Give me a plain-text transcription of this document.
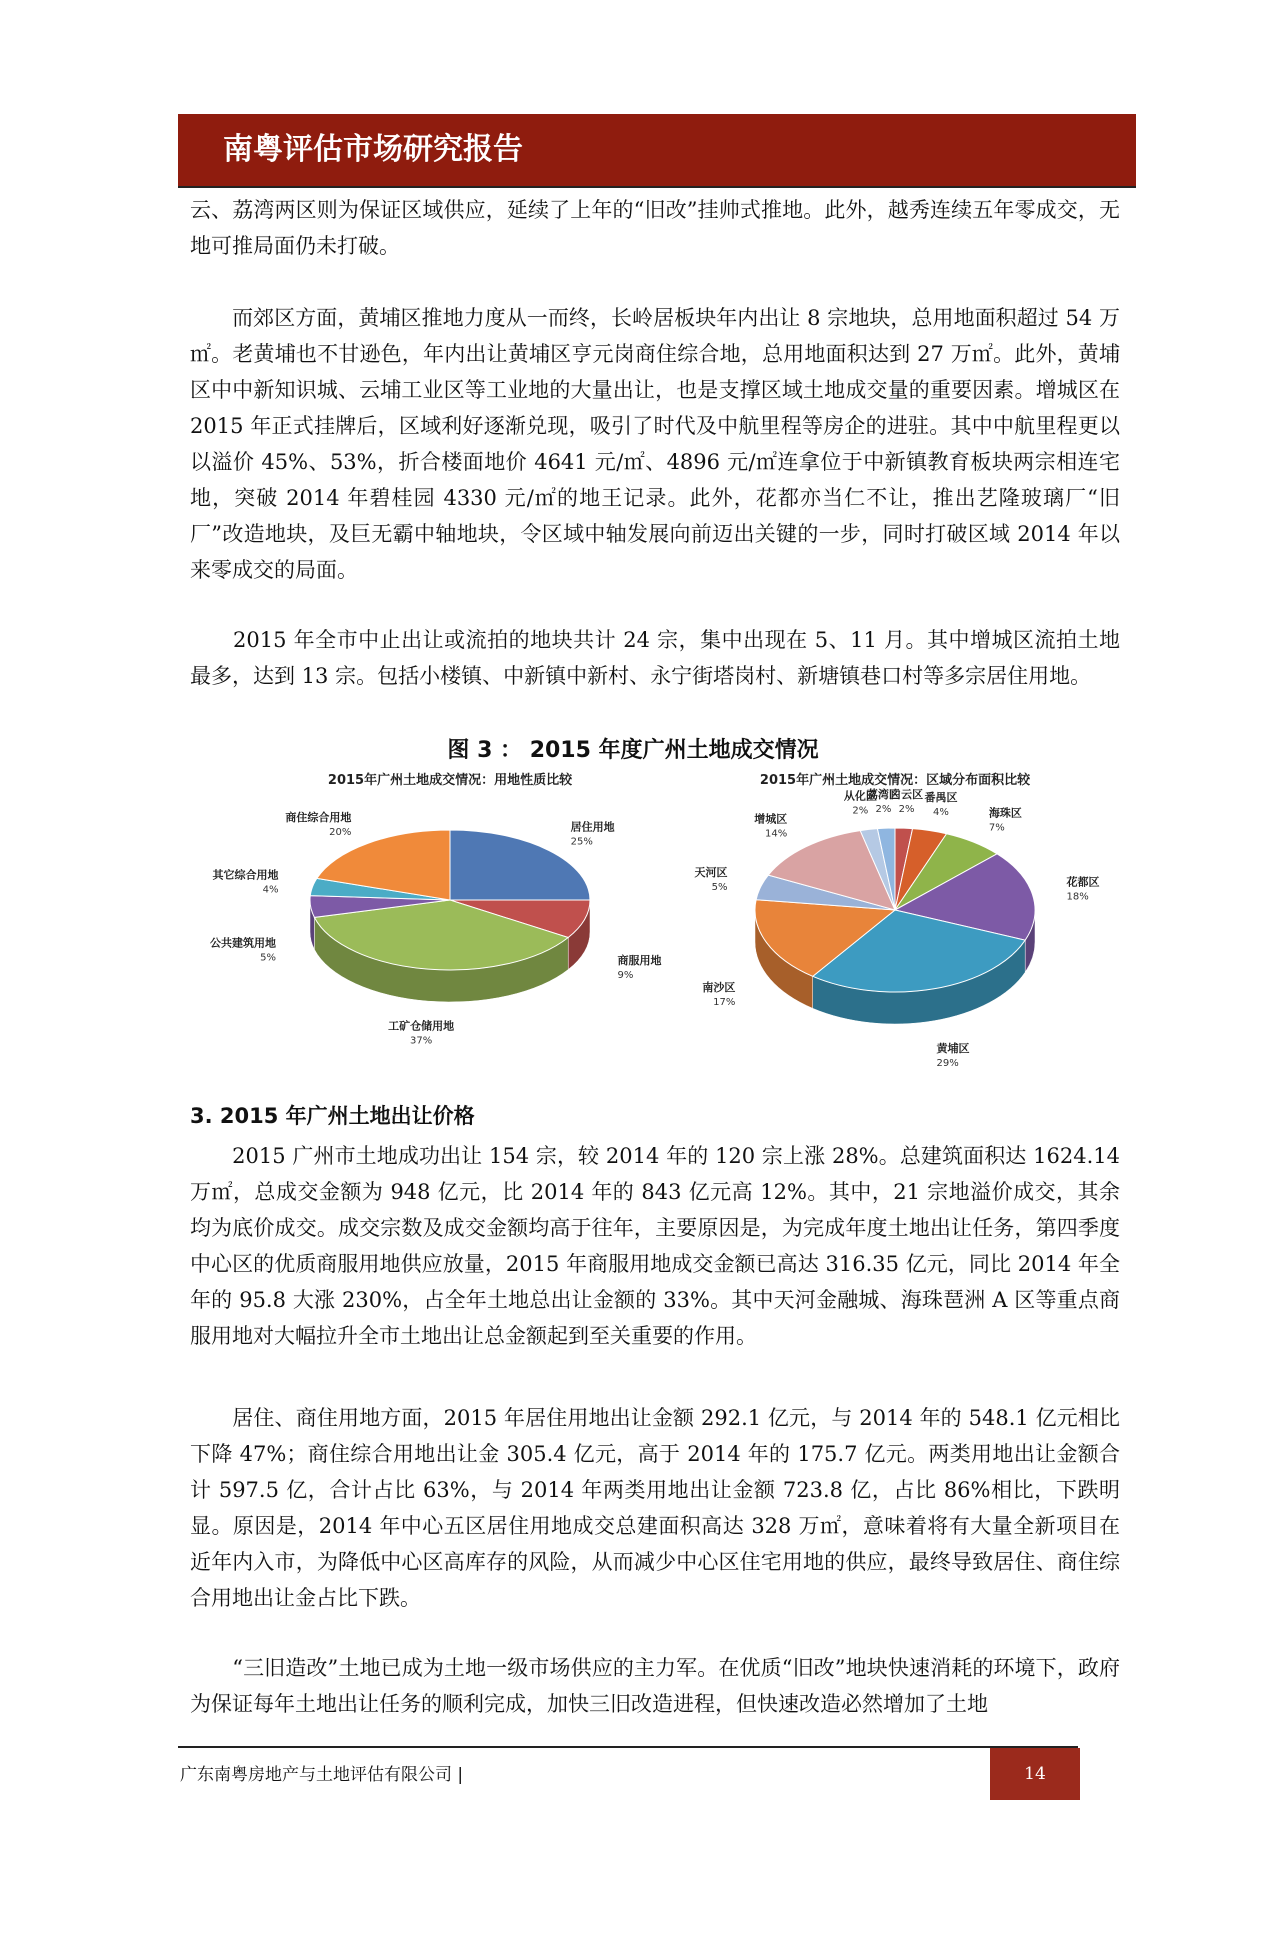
南粤评估市场研究报告

云、荔湾两区则为保证区域供应，延续了上年的“旧改”挂帅式推地。此外，越秀连续五年零成交，无地可推局面仍未打破。

　　而郊区方面，黄埔区推地力度从一而终，长岭居板块年内出让 8 宗地块，总用地面积超过 54 万㎡。老黄埔也不甘逊色，年内出让黄埔区亨元岗商住综合地，总用地面积达到 27 万㎡。此外，黄埔区中中新知识城、云埔工业区等工业地的大量出让，也是支撑区域土地成交量的重要因素。增城区在 2015 年正式挂牌后，区域利好逐渐兑现，吸引了时代及中航里程等房企的进驻。其中中航里程更以以溢价 45%、53%，折合楼面地价 4641 元/㎡、4896 元/㎡连拿位于中新镇教育板块两宗相连宅地，突破 2014 年碧桂园 4330 元/㎡的地王记录。此外，花都亦当仁不让，推出艺隆玻璃厂“旧厂”改造地块，及巨无霸中轴地块，令区域中轴发展向前迈出关键的一步，同时打破区域 2014 年以来零成交的局面。

　　2015 年全市中止出让或流拍的地块共计 24 宗，集中出现在 5、11 月。其中增城区流拍土地最多，达到 13 宗。包括小楼镇、中新镇中新村、永宁街塔岗村、新塘镇巷口村等多宗居住用地。

图 3 ： 2015 年度广州土地成交情况
2015年广州土地成交情况：用地性质比较
居住用地
25%
商服用地
9%
工矿仓储用地
37%
公共建筑用地
5%
其它综合用地
4%
商住综合用地
20%
2015年广州土地成交情况：区域分布面积比较
白云区
2%
番禺区
4%	海珠区
7%
花都区
18%
黄埔区
29%
南沙区
17%
天河区
5%
增城区
14%
从化区
2%
荔湾区
2%
3. 2015 年广州土地出让价格

　　2015 广州市土地成功出让 154 宗，较 2014 年的 120 宗上涨 28%。总建筑面积达 1624.14 万㎡，总成交金额为 948 亿元，比 2014 年的 843 亿元高 12%。其中，21 宗地溢价成交，其余均为底价成交。成交宗数及成交金额均高于往年，主要原因是，为完成年度土地出让任务，第四季度中心区的优质商服用地供应放量，2015 年商服用地成交金额已高达 316.35 亿元，同比 2014 年全年的 95.8 大涨 230%，占全年土地总出让金额的 33%。其中天河金融城、海珠琶洲 A 区等重点商服用地对大幅拉升全市土地出让总金额起到至关重要的作用。

　　居住、商住用地方面，2015 年居住用地出让金额 292.1 亿元，与 2014 年的 548.1 亿元相比下降 47%；商住综合用地出让金 305.4 亿元，高于 2014 年的 175.7 亿元。两类用地出让金额合计 597.5 亿，合计占比 63%，与 2014 年两类用地出让金额 723.8 亿，占比 86%相比，下跌明显。原因是，2014 年中心五区居住用地成交总建面积高达 328 万㎡，意味着将有大量全新项目在近年内入市，为降低中心区高库存的风险，从而减少中心区住宅用地的供应，最终导致居住、商住综合用地出让金占比下跌。

　　“三旧造改”土地已成为土地一级市场供应的主力军。在优质“旧改”地块快速消耗的环境下，政府为保证每年土地出让任务的顺利完成，加快三旧改造进程，但快速改造必然增加了土地

广东南粤房地产与土地评估有限公司 |	14
